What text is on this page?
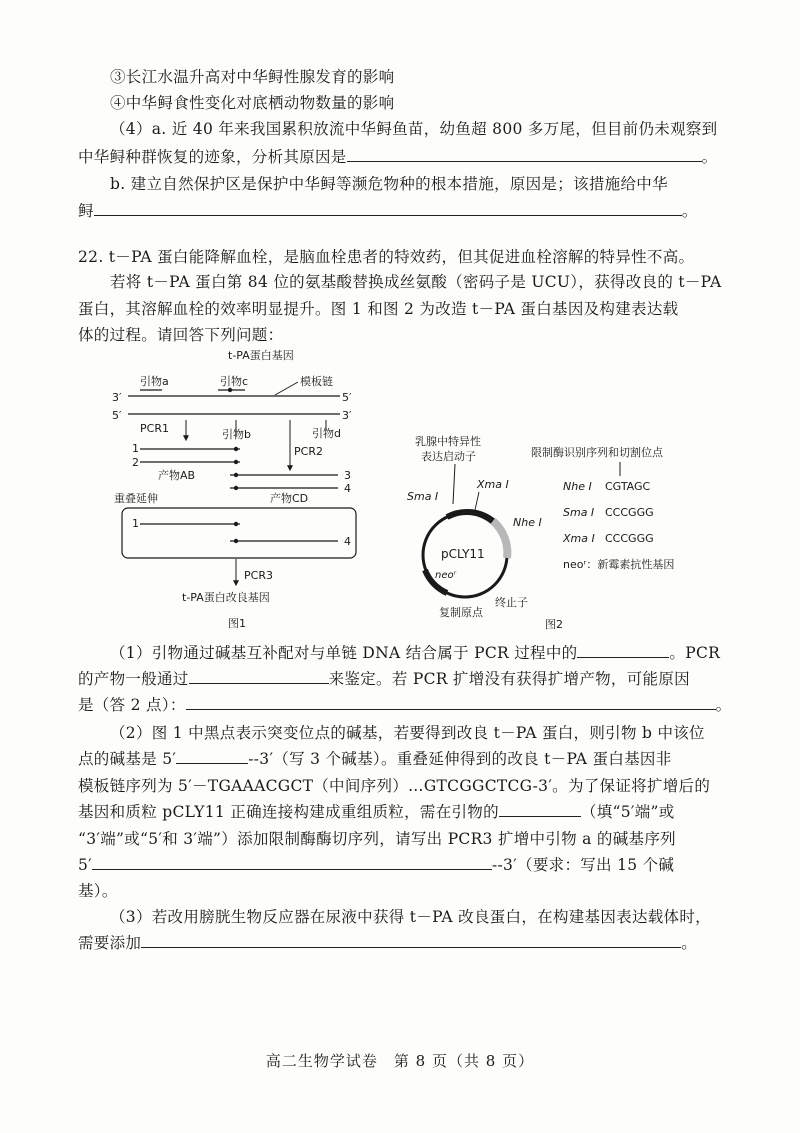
③长江水温升高对中华鲟性腺发育的影响
④中华鲟食性变化对底栖动物数量的影响
（4）a. 近 40 年来我国累积放流中华鲟鱼苗，幼鱼超 800 多万尾，但目前仍未观察到
中华鲟种群恢复的迹象，分析其原因是	。
b. 建立自然保护区是保护中华鲟等濒危物种的根本措施，原因是；该措施给中华
鲟	。
22. t－PA 蛋白能降解血栓，是脑血栓患者的特效药，但其促进血栓溶解的特异性不高。
若将 t－PA 蛋白第 84 位的氨基酸替换成丝氨酸（密码子是 UCU），获得改良的 t－PA
蛋白，其溶解血栓的效率明显提升。图 1 和图 2 为改造 t－PA 蛋白基因及构建表达载
体的过程。请回答下列问题：
t-PA蛋白基因
3′	5′
5′	3′
引物a	引物c	模板链
PCR1	引物b
PCR2
引物d
1
2
产物AB	3
4
产物CD
重叠延伸
1
4
PCR3
t-PA蛋白改良基因
图1
乳腺中特异性
表达启动子
Sma Ⅰ
Xma Ⅰ
Nhe Ⅰ
pCLY11
neoʳ
复制原点
终止子
限制酶识别序列和切割位点
Nhe Ⅰ CGTAGC
Sma Ⅰ CCCGGG
Xma Ⅰ CCCGGG
neoʳ：新霉素抗性基因
图2
（1）引物通过碱基互补配对与单链 DNA 结合属于 PCR 过程中的	。PCR
的产物一般通过	来鉴定。若 PCR 扩增没有获得扩增产物，可能原因
是（答 2 点）：	。
（2）图 1 中黑点表示突变位点的碱基，若要得到改良 t－PA 蛋白，则引物 b 中该位
点的碱基是 5′	--3′（写 3 个碱基）。重叠延伸得到的改良 t－PA 蛋白基因非
模板链序列为 5′－TGAAACGCT（中间序列）…GTCGGCTCG-3′。为了保证将扩增后的
基因和质粒 pCLY11 正确连接构建成重组质粒，需在引物的	（填“5′端”或
“3′端”或“5′和 3′端”）添加限制酶酶切序列，请写出 PCR3 扩增中引物 a 的碱基序列
5′	--3′（要求：写出 15 个碱
基）。
（3）若改用膀胱生物反应器在尿液中获得 t－PA 改良蛋白，在构建基因表达载体时，
需要添加	。
高二生物学试卷　第 8 页（共 8 页）
